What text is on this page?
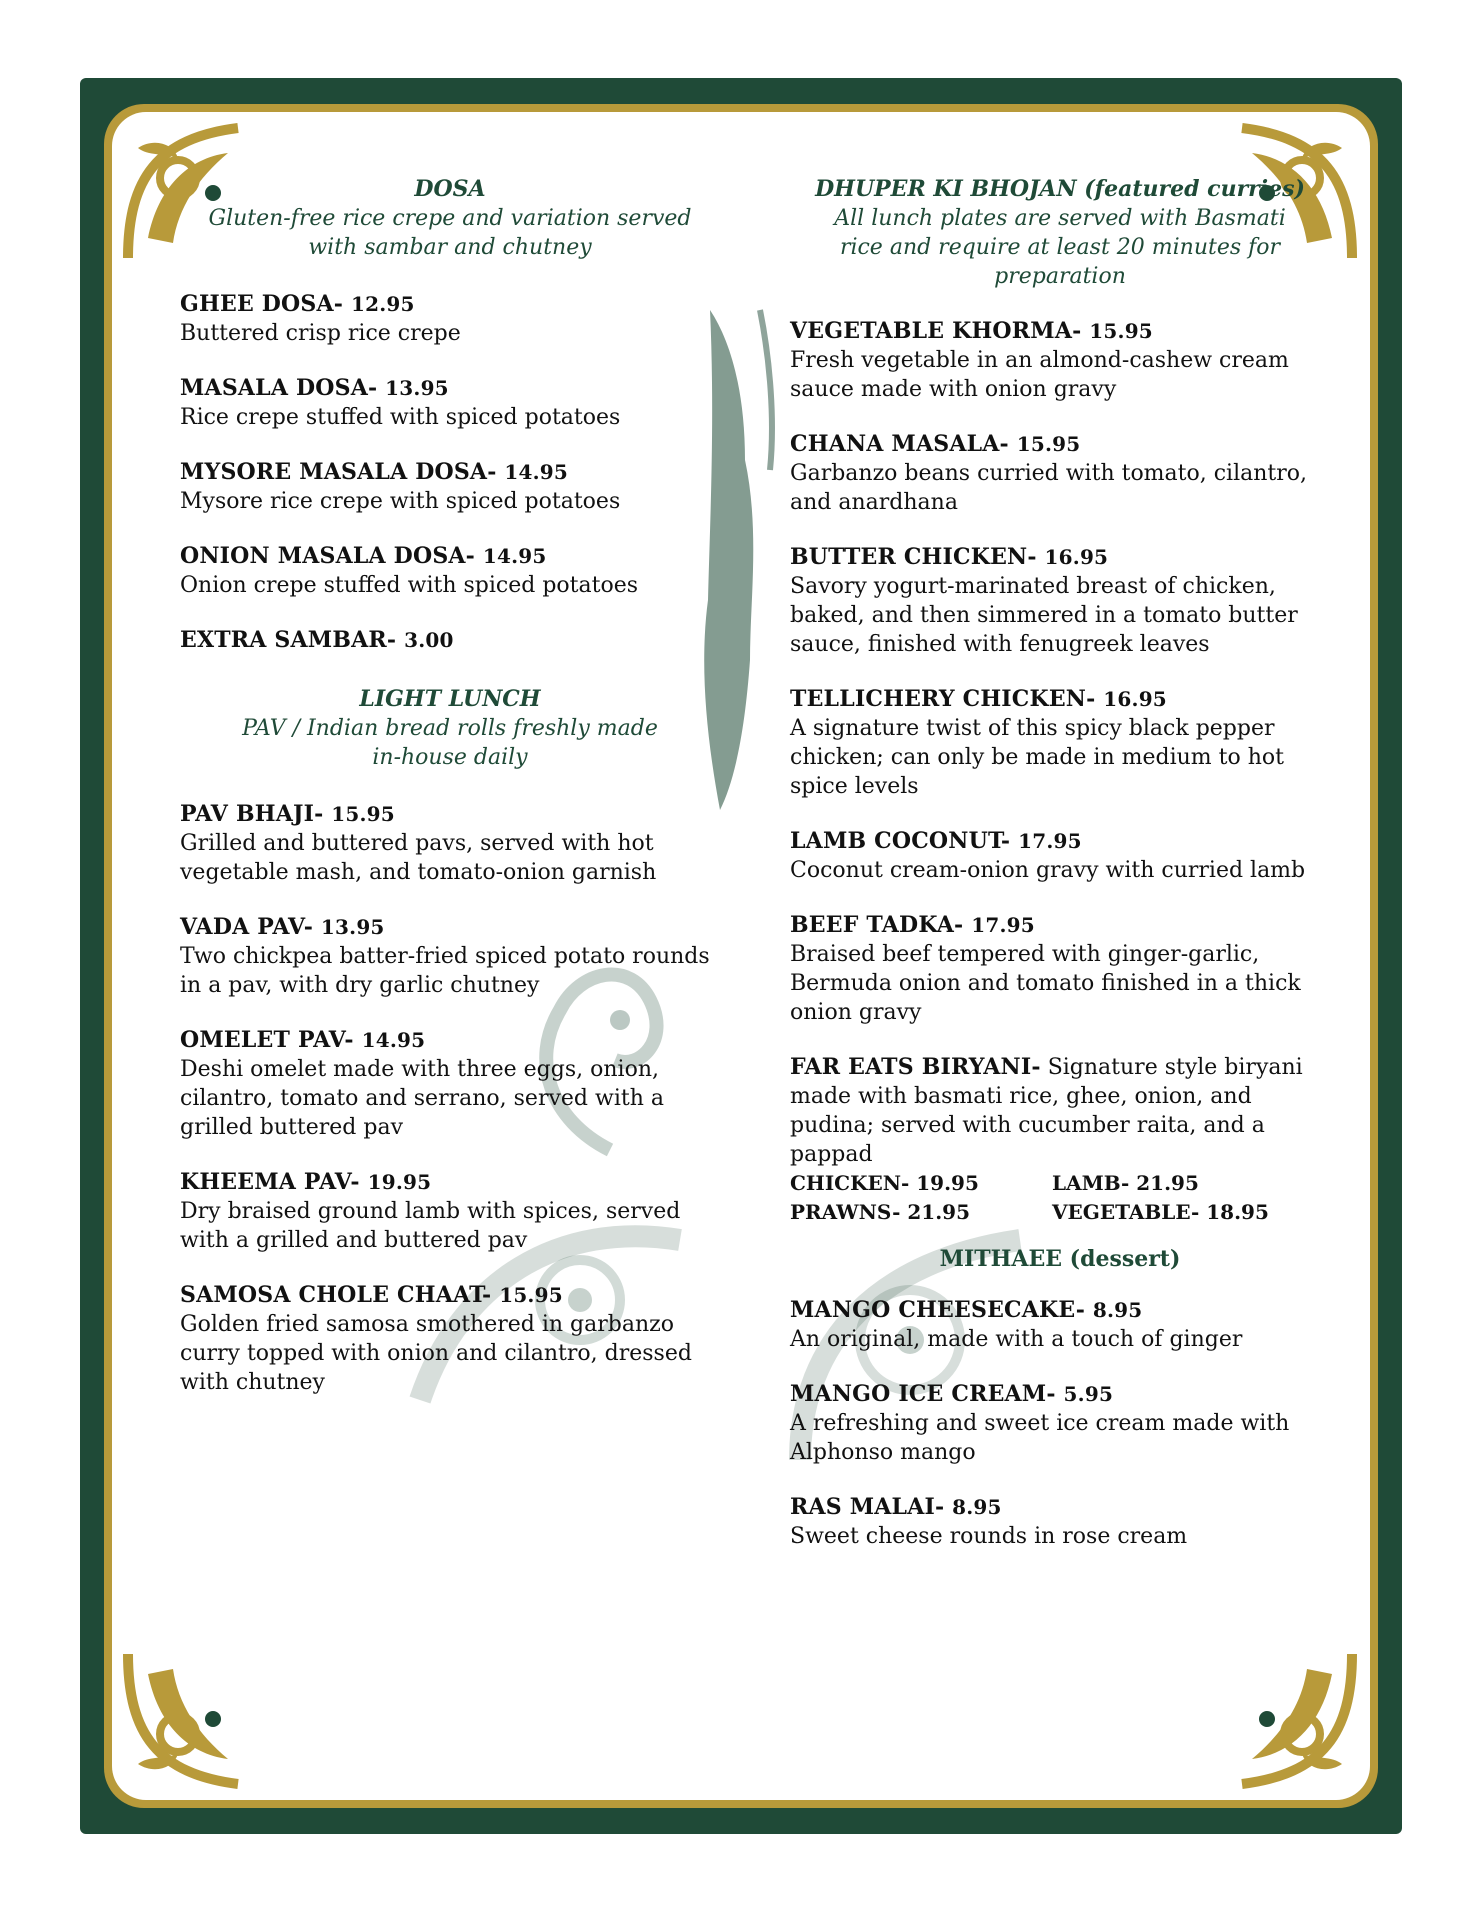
DOSA
Gluten-free rice crepe and variation served with sambar and chutney
GHEE DOSA- 12.95
Buttered crisp rice crepe
MASALA DOSA- 13.95
Rice crepe stuffed with spiced potatoes
MYSORE MASALA DOSA- 14.95
Mysore rice crepe with spiced potatoes
ONION MASALA DOSA- 14.95
Onion crepe stuffed with spiced potatoes
EXTRA SAMBAR- 3.00
LIGHT LUNCH
PAV / Indian bread rolls freshly made in-house daily
PAV BHAJI- 15.95
Grilled and buttered pavs, served with hot vegetable mash, and tomato-onion garnish
VADA PAV- 13.95
Two chickpea batter-fried spiced potato rounds in a pav, with dry garlic chutney
OMELET PAV- 14.95
Deshi omelet made with three eggs, onion, cilantro, tomato and serrano, served with a grilled buttered pav
KHEEMA PAV- 19.95
Dry braised ground lamb with spices, served with a grilled and buttered pav
SAMOSA CHOLE CHAAT- 15.95
Golden fried samosa smothered in garbanzo curry topped with onion and cilantro, dressed with chutney
DHUPER KI BHOJAN (featured curries)
All lunch plates are served with Basmati rice and require at least 20 minutes for preparation
VEGETABLE KHORMA- 15.95
Fresh vegetable in an almond-cashew cream sauce made with onion gravy
CHANA MASALA- 15.95
Garbanzo beans curried with tomato, cilantro, and anardhana
BUTTER CHICKEN- 16.95
Savory yogurt-marinated breast of chicken, baked, and then simmered in a tomato butter sauce, finished with fenugreek leaves
TELLICHERY CHICKEN- 16.95
A signature twist of this spicy black pepper chicken; can only be made in medium to hot spice levels
LAMB COCONUT- 17.95
Coconut cream-onion gravy with curried lamb
BEEF TADKA- 17.95
Braised beef tempered with ginger-garlic, Bermuda onion and tomato finished in a thick onion gravy
FAR EATS BIRYANI- Signature style biryani made with basmati rice, ghee, onion, and pudina; served with cucumber raita, and a pappad
CHICKEN- 19.95	LAMB- 21.95
PRAWNS- 21.95	VEGETABLE- 18.95
MITHAEE (dessert)
MANGO CHEESECAKE- 8.95
An original, made with a touch of ginger
MANGO ICE CREAM- 5.95
A refreshing and sweet ice cream made with Alphonso mango
RAS MALAI- 8.95
Sweet cheese rounds in rose cream
